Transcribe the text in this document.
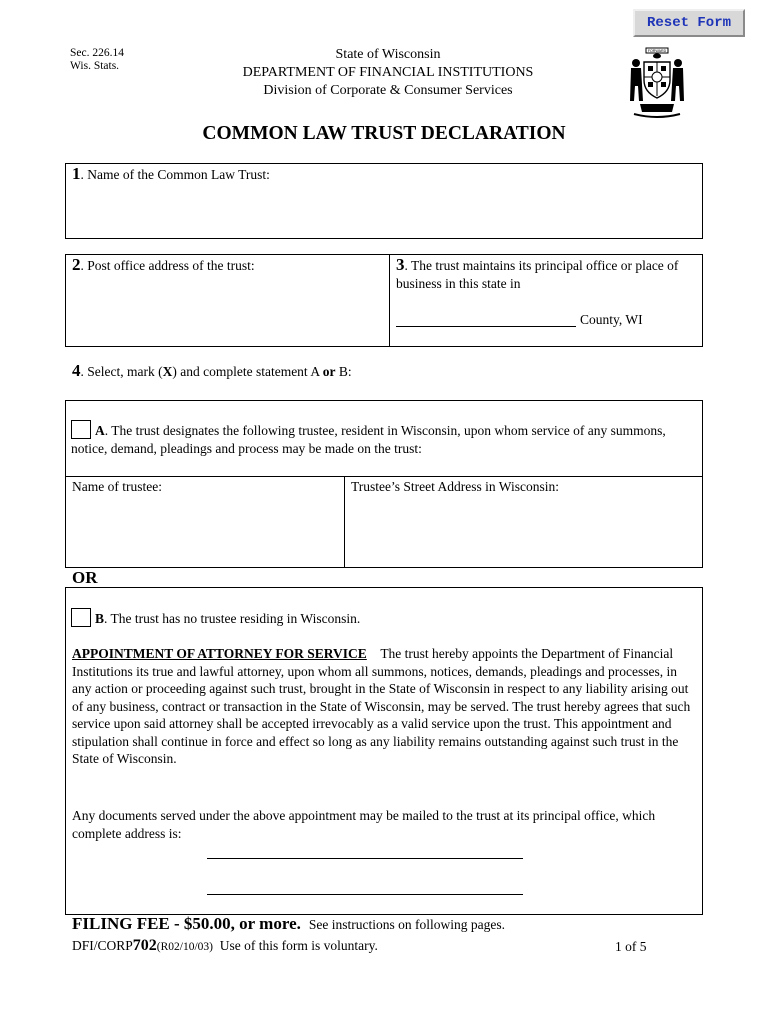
Reset Form
Sec. 226.14
Wis. Stats.
State of Wisconsin
DEPARTMENT OF FINANCIAL INSTITUTIONS
Division of Corporate & Consumer Services
FORWARD
COMMON LAW TRUST DECLARATION
1. Name of the Common Law Trust:
2. Post office address of the trust:	3. The trust maintains its principal office or place of business in this state in
County, WI
4. Select, mark (X) and complete statement A or B:
A. The trust designates the following trustee, resident in Wisconsin, upon whom service of any summons, notice, demand, pleadings and process may be made on the trust:
Name of trustee:	Trustee’s Street Address in Wisconsin:
OR
B. The trust has no trustee residing in Wisconsin.
APPOINTMENT OF ATTORNEY FOR SERVICE The trust hereby appoints the Department of Financial Institutions its true and lawful attorney, upon whom all summons, notices, demands, pleadings and processes, in any action or proceeding against such trust, brought in the State of Wisconsin in respect to any liability arising out of any business, contract or transaction in the State of Wisconsin, may be served. The trust hereby agrees that such service upon said attorney shall be accepted irrevocably as a valid service upon the trust. This appointment and stipulation shall continue in force and effect so long as any liability remains outstanding against such trust in the State of Wisconsin.
Any documents served under the above appointment may be mailed to the trust at its principal office, which complete address is:
FILING FEE - $50.00, or more. See instructions on following pages.
DFI/CORP702(R02/10/03) Use of this form is voluntary.	1 of 5
